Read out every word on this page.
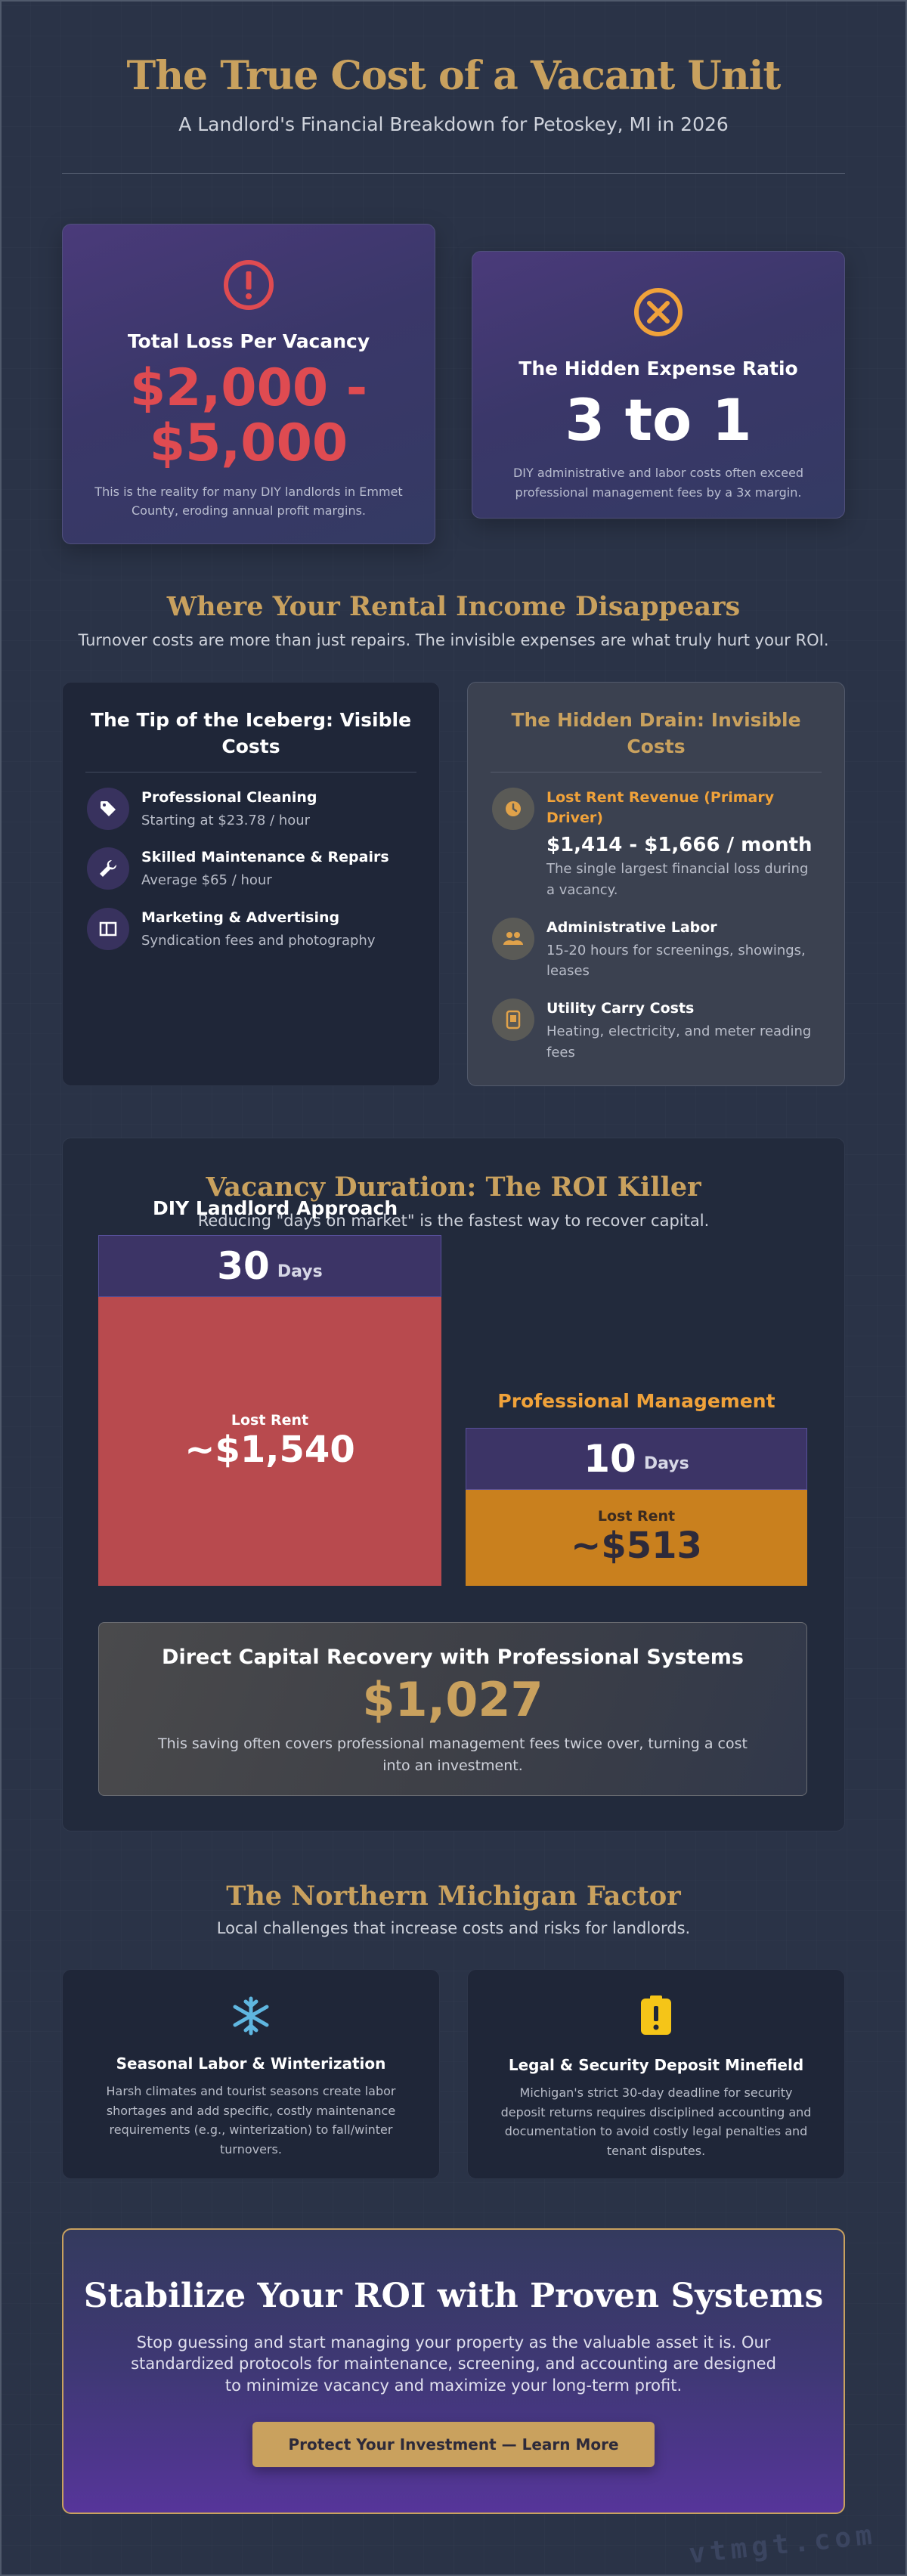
The True Cost of a Vacant Unit
A Landlord's Financial Breakdown for Petoskey, MI in 2026
Total Loss Per Vacancy
$2,000 -
$5,000
This is the reality for many DIY landlords in Emmet County, eroding annual profit margins.
The Hidden Expense Ratio
3 to 1
DIY administrative and labor costs often exceed professional management fees by a 3x margin.
Where Your Rental Income Disappears

Turnover costs are more than just repairs. The invisible expenses are what truly hurt your ROI.

The Tip of the Iceberg: Visible Costs
Professional Cleaning
Starting at $23.78 / hour
Skilled Maintenance & Repairs
Average $65 / hour
Marketing & Advertising
Syndication fees and photography
The Hidden Drain: Invisible Costs
Lost Rent Revenue (Primary Driver)
$1,414 - $1,666 / month
The single largest financial loss during a vacancy.
Administrative Labor
15-20 hours for screenings, showings, leases
Utility Carry Costs
Heating, electricity, and meter reading fees
Vacancy Duration: The ROI Killer
Reducing "days on market" is the fastest way to recover capital.
DIY Landlord Approach
30 Days
Lost Rent
~$1,540
Professional Management
10 Days
Lost Rent
~$513
Direct Capital Recovery with Professional Systems
$1,027
This saving often covers professional management fees twice over, turning a cost into an investment.
The Northern Michigan Factor

Local challenges that increase costs and risks for landlords.

Seasonal Labor & Winterization
Harsh climates and tourist seasons create labor shortages and add specific, costly maintenance requirements (e.g., winterization) to fall/winter turnovers.
Legal & Security Deposit Minefield
Michigan's strict 30-day deadline for security deposit returns requires disciplined accounting and documentation to avoid costly legal penalties and tenant disputes.
Stabilize Your ROI with Proven Systems

Stop guessing and start managing your property as the valuable asset it is. Our standardized protocols for maintenance, screening, and accounting are designed to minimize vacancy and maximize your long-term profit.

Protect Your Investment — Learn More
vtmgt.com
